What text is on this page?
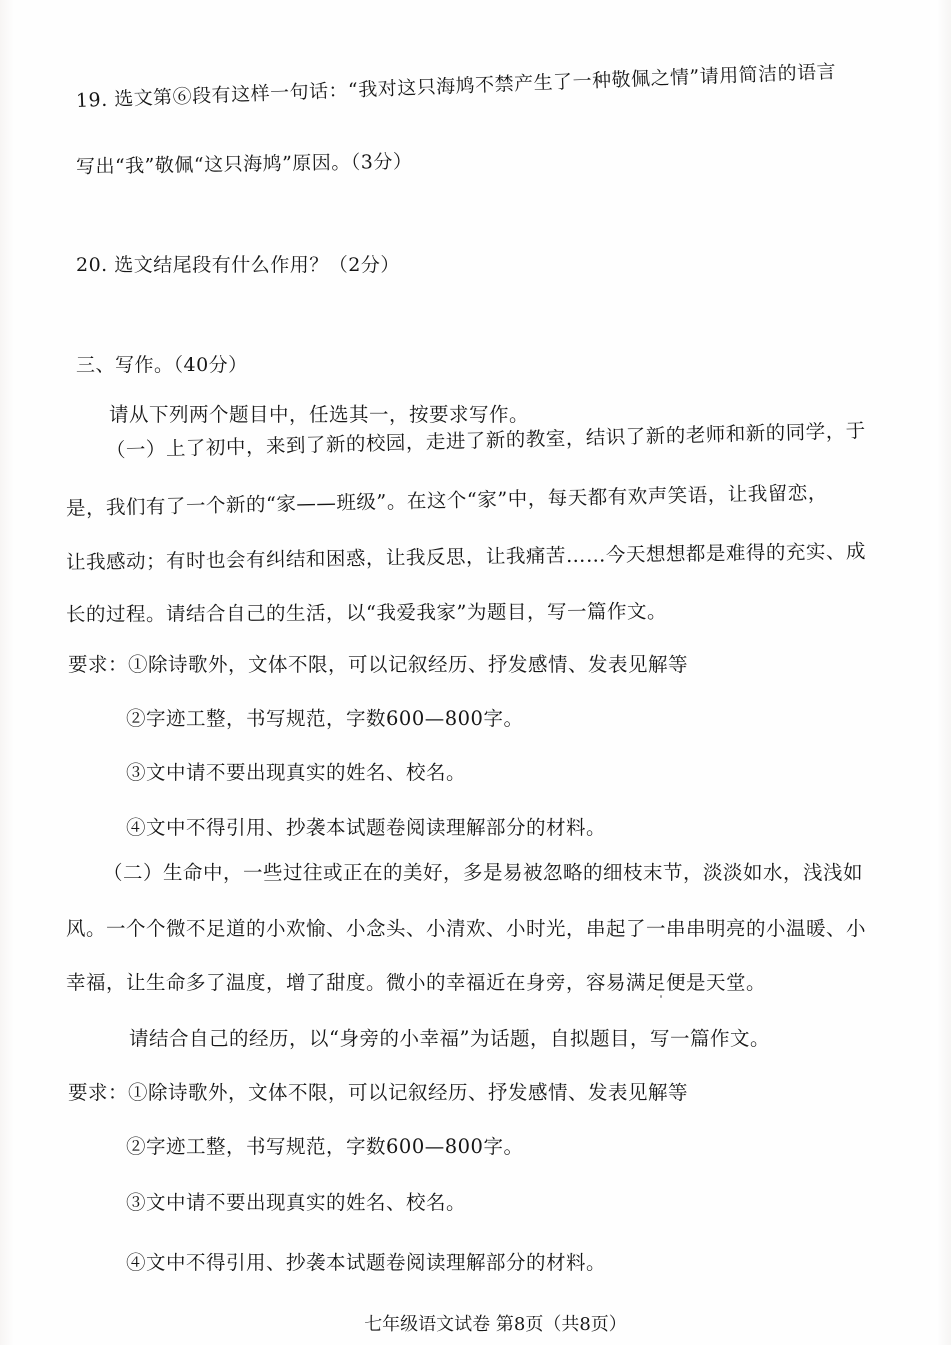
19. 选文第⑥段有这样一句话：“我对这只海鸠不禁产生了一种敬佩之情”请用简洁的语言
写出“我”敬佩“这只海鸠”原因。（3分）
20. 选文结尾段有什么作用？（2分）
三、写作。（40分）
请从下列两个题目中，任选其一，按要求写作。
（一）上了初中，来到了新的校园，走进了新的教室，结识了新的老师和新的同学，于
是，我们有了一个新的“家——班级”。在这个“家”中，每天都有欢声笑语，让我留恋，
让我感动；有时也会有纠结和困惑，让我反思，让我痛苦……今天想想都是难得的充实、成
长的过程。请结合自己的生活，以“我爱我家”为题目，写一篇作文。
要求：①除诗歌外，文体不限，可以记叙经历、抒发感情、发表见解等
②字迹工整，书写规范，字数600—800字。
③文中请不要出现真实的姓名、校名。
④文中不得引用、抄袭本试题卷阅读理解部分的材料。
（二）生命中，一些过往或正在的美好，多是易被忽略的细枝末节，淡淡如水，浅浅如
风。一个个微不足道的小欢愉、小念头、小清欢、小时光，串起了一串串明亮的小温暖、小
幸福，让生命多了温度，增了甜度。微小的幸福近在身旁，容易满足便是天堂。
请结合自己的经历，以“身旁的小幸福”为话题，自拟题目，写一篇作文。
要求：①除诗歌外，文体不限，可以记叙经历、抒发感情、发表见解等
②字迹工整，书写规范，字数600—800字。
③文中请不要出现真实的姓名、校名。
④文中不得引用、抄袭本试题卷阅读理解部分的材料。
七年级语文试卷 第8页（共8页）
